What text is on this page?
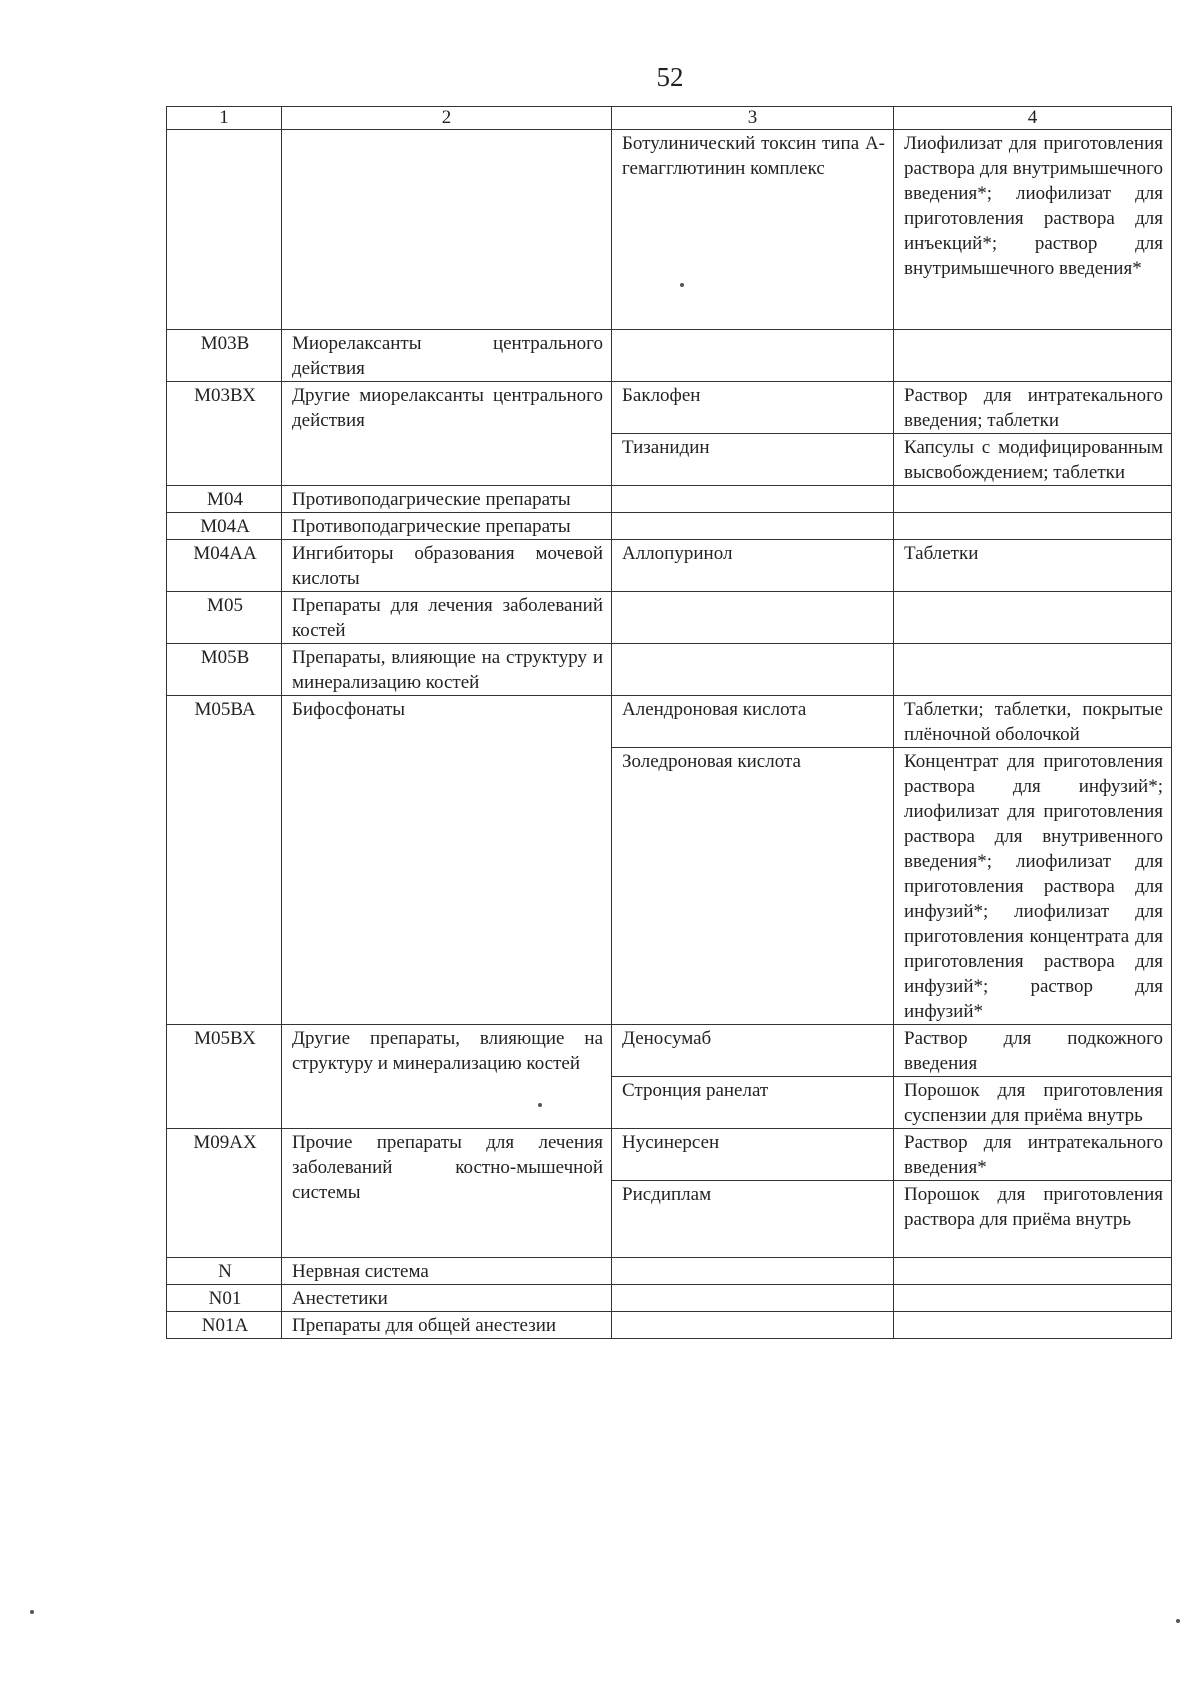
52
1	2	3	4
		Ботулинический токсин типа А-гемагглютинин комплекс	Лиофилизат для приготовления раствора для внутримышечного введения*; лиофилизат для приготовления раствора для инъекций*; раствор для внутримышечного введения*
М03В	Миорелаксанты центрального действия		
М03ВХ	Другие миорелаксанты центрального действия	Баклофен	Раствор для интратекального введения; таблетки
		Тизанидин	Капсулы с модифицированным высвобождением; таблетки
М04	Противоподагрические препараты		
М04А	Противоподагрические препараты		
М04АА	Ингибиторы образования мочевой кислоты	Аллопуринол	Таблетки
М05	Препараты для лечения заболеваний костей		
М05В	Препараты, влияющие на структуру и минерализацию костей		
М05ВА	Бифосфонаты	Алендроновая кислота	Таблетки; таблетки, покрытые плёночной оболочкой
		Золедроновая кислота	Концентрат для приготовления раствора для инфузий*; лиофилизат для приготовления раствора для внутривенного введения*; лиофилизат для приготовления раствора для инфузий*; лиофилизат для приготовления концентрата для приготовления раствора для инфузий*; раствор для инфузий*
М05ВХ	Другие препараты, влияющие на структуру и минерализацию костей	Деносумаб	Раствор для подкожного введения
		Стронция ранелат	Порошок для приготовления суспензии для приёма внутрь
М09АХ	Прочие препараты для лечения заболеваний костно-мышечной системы	Нусинерсен	Раствор для интратекального введения*
		Рисдиплам	Порошок для приготовления раствора для приёма внутрь
N	Нервная система		
N01	Анестетики		
N01A	Препараты для общей анестезии		
